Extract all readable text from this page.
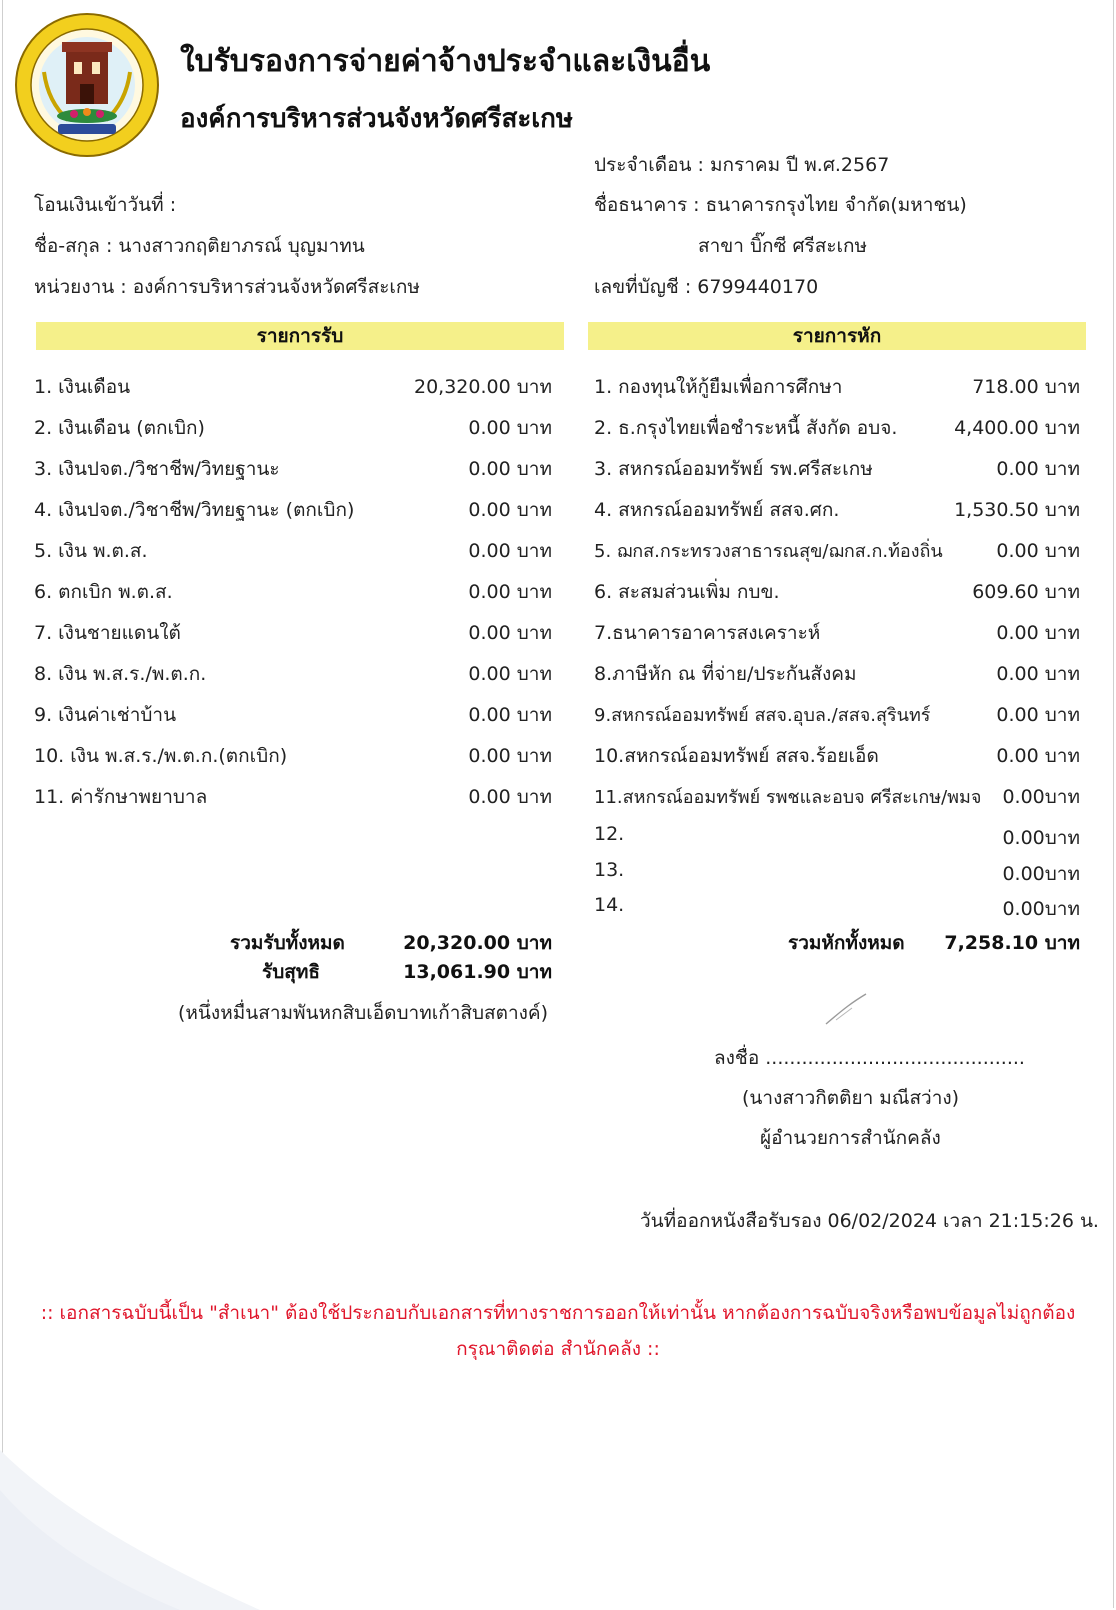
ใบรับรองการจ่ายค่าจ้างประจำและเงินอื่น
องค์การบริหารส่วนจังหวัดศรีสะเกษ
ประจำเดือน : มกราคม ปี พ.ศ.2567
โอนเงินเข้าวันที่ :	ชื่อธนาคาร : ธนาคารกรุงไทย จำกัด(มหาชน)
ชื่อ-สกุล : นางสาวกฤติยาภรณ์ บุญมาทน	สาขา บิ๊กซี ศรีสะเกษ
หน่วยงาน : องค์การบริหารส่วนจังหวัดศรีสะเกษ	เลขที่บัญชี : 6799440170
รายการรับ	รายการหัก
1. เงินเดือน	20,320.00 บาท
2. เงินเดือน (ตกเบิก)	0.00 บาท
3. เงินปจต./วิชาชีพ/วิทยฐานะ	0.00 บาท
4. เงินปจต./วิชาชีพ/วิทยฐานะ (ตกเบิก)	0.00 บาท
5. เงิน พ.ต.ส.	0.00 บาท
6. ตกเบิก พ.ต.ส.	0.00 บาท
7. เงินชายแดนใต้	0.00 บาท
8. เงิน พ.ส.ร./พ.ต.ก.	0.00 บาท
9. เงินค่าเช่าบ้าน	0.00 บาท
10. เงิน พ.ส.ร./พ.ต.ก.(ตกเบิก)	0.00 บาท
11. ค่ารักษาพยาบาล	0.00 บาท
1. กองทุนให้กู้ยืมเพื่อการศึกษา	718.00 บาท
2. ธ.กรุงไทยเพื่อชำระหนี้ สังกัด อบจ.	4,400.00 บาท
3. สหกรณ์ออมทรัพย์ รพ.ศรีสะเกษ	0.00 บาท
4. สหกรณ์ออมทรัพย์ สสจ.ศก.	1,530.50 บาท
5. ฌกส.กระทรวงสาธารณสุข/ฌกส.ก.ท้องถิ่น	0.00 บาท
6. สะสมส่วนเพิ่ม กบข.	609.60 บาท
7.ธนาคารอาคารสงเคราะห์	0.00 บาท
8.ภาษีหัก ณ ที่จ่าย/ประกันสังคม	0.00 บาท
9.สหกรณ์ออมทรัพย์ สสจ.อุบล./สสจ.สุรินทร์	0.00 บาท
10.สหกรณ์ออมทรัพย์ สสจ.ร้อยเอ็ด	0.00 บาท
11.สหกรณ์ออมทรัพย์ รพชและอบจ ศรีสะเกษ/พมจ 0.00บาท
12.	0.00บาท
13.	0.00บาท
14.	0.00บาท
รวมรับทั้งหมด	20,320.00 บาท
รับสุทธิ	13,061.90 บาท
(หนึ่งหมื่นสามพันหกสิบเอ็ดบาทเก้าสิบสตางค์)
รวมหักทั้งหมด	7,258.10 บาท
ลงชื่อ ...........................................
(นางสาวกิตติยา มณีสว่าง)
ผู้อำนวยการสำนักคลัง
วันที่ออกหนังสือรับรอง 06/02/2024 เวลา 21:15:26 น.
:: เอกสารฉบับนี้เป็น "สำเนา" ต้องใช้ประกอบกับเอกสารที่ทางราชการออกให้เท่านั้น หากต้องการฉบับจริงหรือพบข้อมูลไม่ถูกต้อง
กรุณาติดต่อ สำนักคลัง ::
